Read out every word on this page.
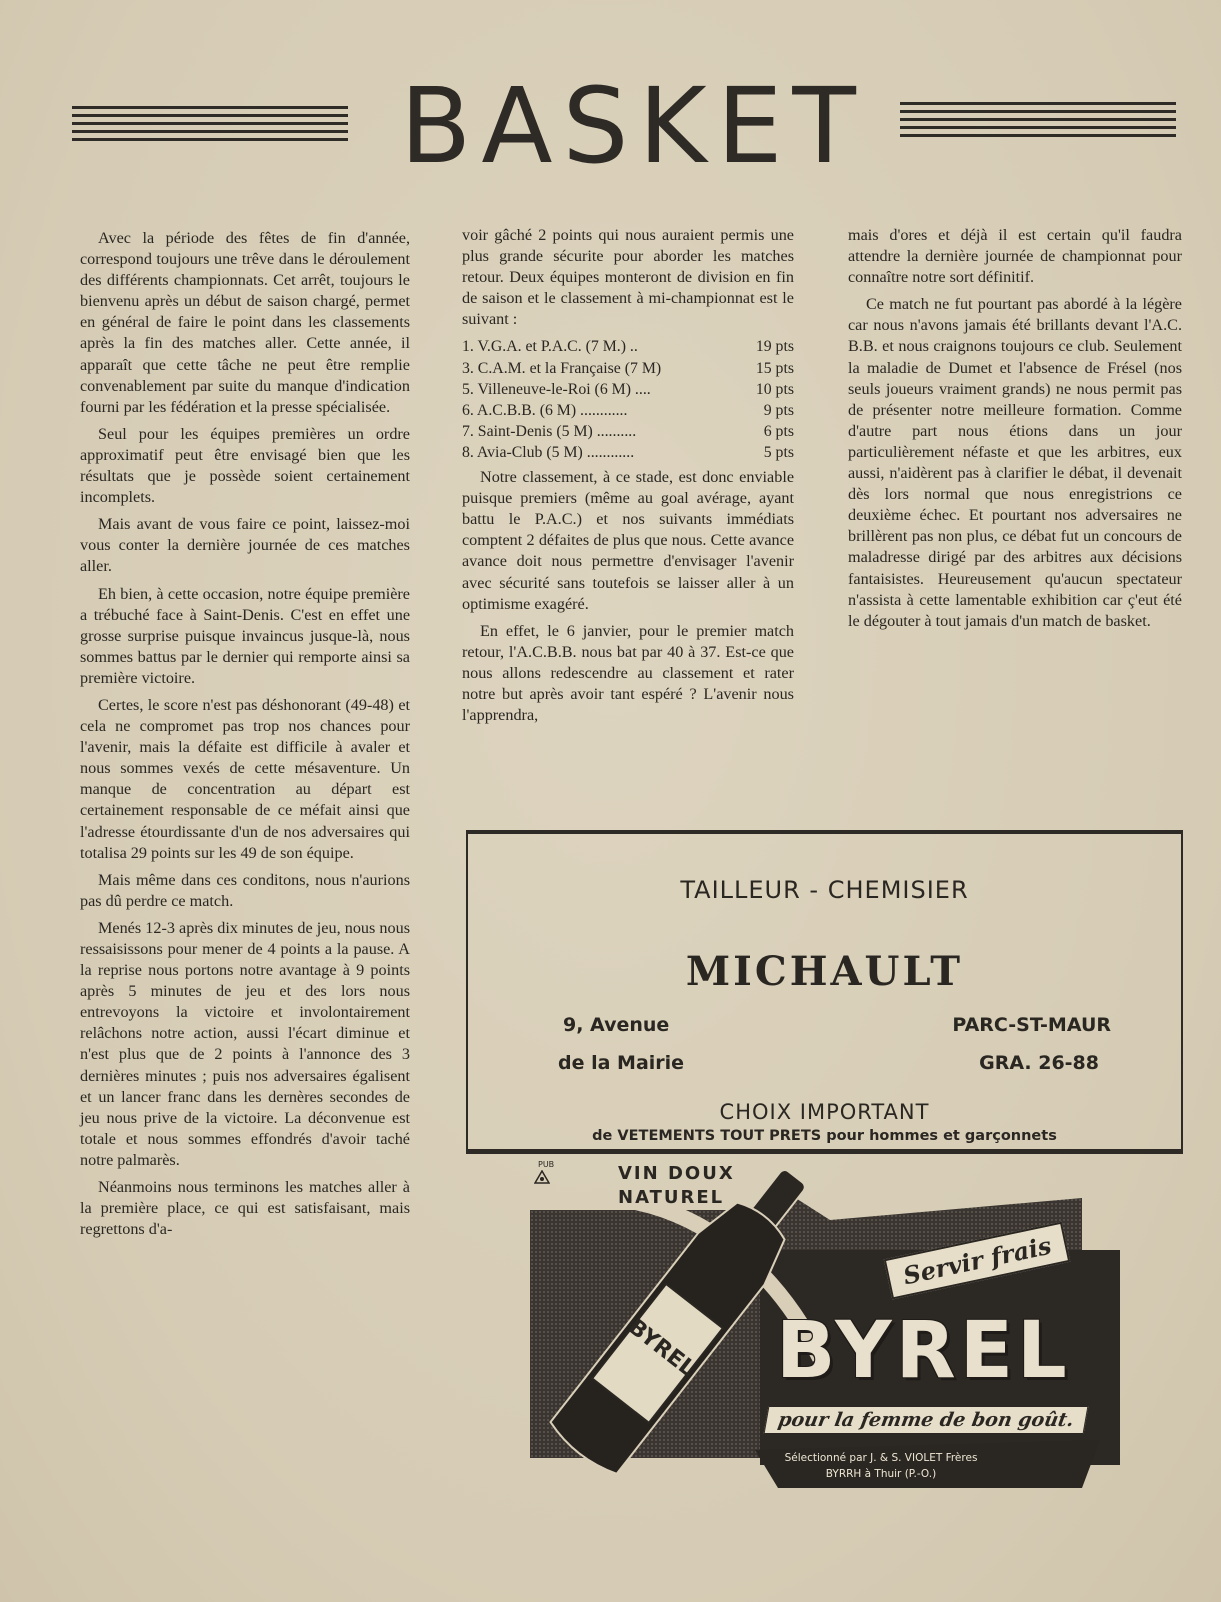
BASKET

Avec la période des fêtes de fin d'année, correspond toujours une trêve dans le déroulement des différents championnats. Cet arrêt, toujours le bienvenu après un début de saison chargé, permet en général de faire le point dans les classements après la fin des matches aller. Cette année, il apparaît que cette tâche ne peut être remplie convenablement par suite du manque d'indication fourni par les fédération et la presse spécialisée.

Seul pour les équipes premières un ordre approximatif peut être envisagé bien que les résultats que je possède soient certainement incomplets.

Mais avant de vous faire ce point, laissez-moi vous conter la dernière journée de ces matches aller.

Eh bien, à cette occasion, notre équipe première a trébuché face à Saint-Denis. C'est en effet une grosse surprise puisque invaincus jusque-là, nous sommes battus par le dernier qui remporte ainsi sa première victoire.

Certes, le score n'est pas déshonorant (49-48) et cela ne compromet pas trop nos chances pour l'avenir, mais la défaite est difficile à avaler et nous sommes vexés de cette mésaventure. Un manque de concentration au départ est certainement responsable de ce méfait ainsi que l'adresse étourdissante d'un de nos adversaires qui totalisa 29 points sur les 49 de son équipe.

Mais même dans ces conditons, nous n'aurions pas dû perdre ce match.

Menés 12-3 après dix minutes de jeu, nous nous ressaisissons pour mener de 4 points a la pause. A la reprise nous portons notre avantage à 9 points après 5 minutes de jeu et des lors nous entrevoyons la victoire et involontairement relâchons notre action, aussi l'écart diminue et n'est plus que de 2 points à l'annonce des 3 dernières minutes ; puis nos adversaires égalisent et un lancer franc dans les dernères secondes de jeu nous prive de la victoire. La déconvenue est totale et nous sommes effondrés d'avoir taché notre palmarès.

Néanmoins nous terminons les matches aller à la première place, ce qui est satisfaisant, mais regrettons d'a-

voir gâché 2 points qui nous auraient permis une plus grande sécurite pour aborder les matches retour. Deux équipes monteront de division en fin de saison et le classement à mi-championnat est le suivant :

1. V.G.A. et P.A.C. (7 M.) ..	19 pts
3. C.A.M. et la Française (7 M)	15 pts
5. Villeneuve-le-Roi (6 M) ....	10 pts
6. A.C.B.B. (6 M) ............	9 pts
7. Saint-Denis (5 M) ..........	6 pts
8. Avia-Club (5 M) ............	5 pts

Notre classement, à ce stade, est donc enviable puisque premiers (même au goal avérage, ayant battu le P.A.C.) et nos suivants immédiats comptent 2 défaites de plus que nous. Cette avance avance doit nous permettre d'envisager l'avenir avec sécurité sans toutefois se laisser aller à un optimisme exagéré.

En effet, le 6 janvier, pour le premier match retour, l'A.C.B.B. nous bat par 40 à 37. Est-ce que nous allons redescendre au classement et rater notre but après avoir tant espéré ? L'avenir nous l'apprendra,

mais d'ores et déjà il est certain qu'il faudra attendre la dernière journée de championnat pour connaître notre sort définitif.

Ce match ne fut pourtant pas abordé à la légère car nous n'avons jamais été brillants devant l'A.C. B.B. et nous craignons toujours ce club. Seulement la maladie de Dumet et l'absence de Frésel (nos seuls joueurs vraiment grands) ne nous permit pas de présenter notre meilleure formation. Comme d'autre part nous étions dans un jour particulièrement néfaste et que les arbitres, eux aussi, n'aidèrent pas à clarifier le débat, il devenait dès lors normal que nous enregistrions ce deuxième échec. Et pourtant nos adversaires ne brillèrent pas non plus, ce débat fut un concours de maladresse dirigé par des arbitres aux décisions fantaisistes. Heureusement qu'aucun spectateur n'assista à cette lamentable exhibition car ç'eut été le dégouter à tout jamais d'un match de basket.

TAILLEUR - CHEMISIER
MICHAULT
9, Avenue
de la Mairie
PARC-ST-MAUR
GRA. 26-88
CHOIX IMPORTANT
de VETEMENTS TOUT PRETS pour hommes et garçonnets
BYREL
PUB	VIN DOUX
NATUREL
Servir frais
BYREL
pour la femme de bon goût.
Sélectionné par J. & S. VIOLET Frères
BYRRH à Thuir (P.-O.)
